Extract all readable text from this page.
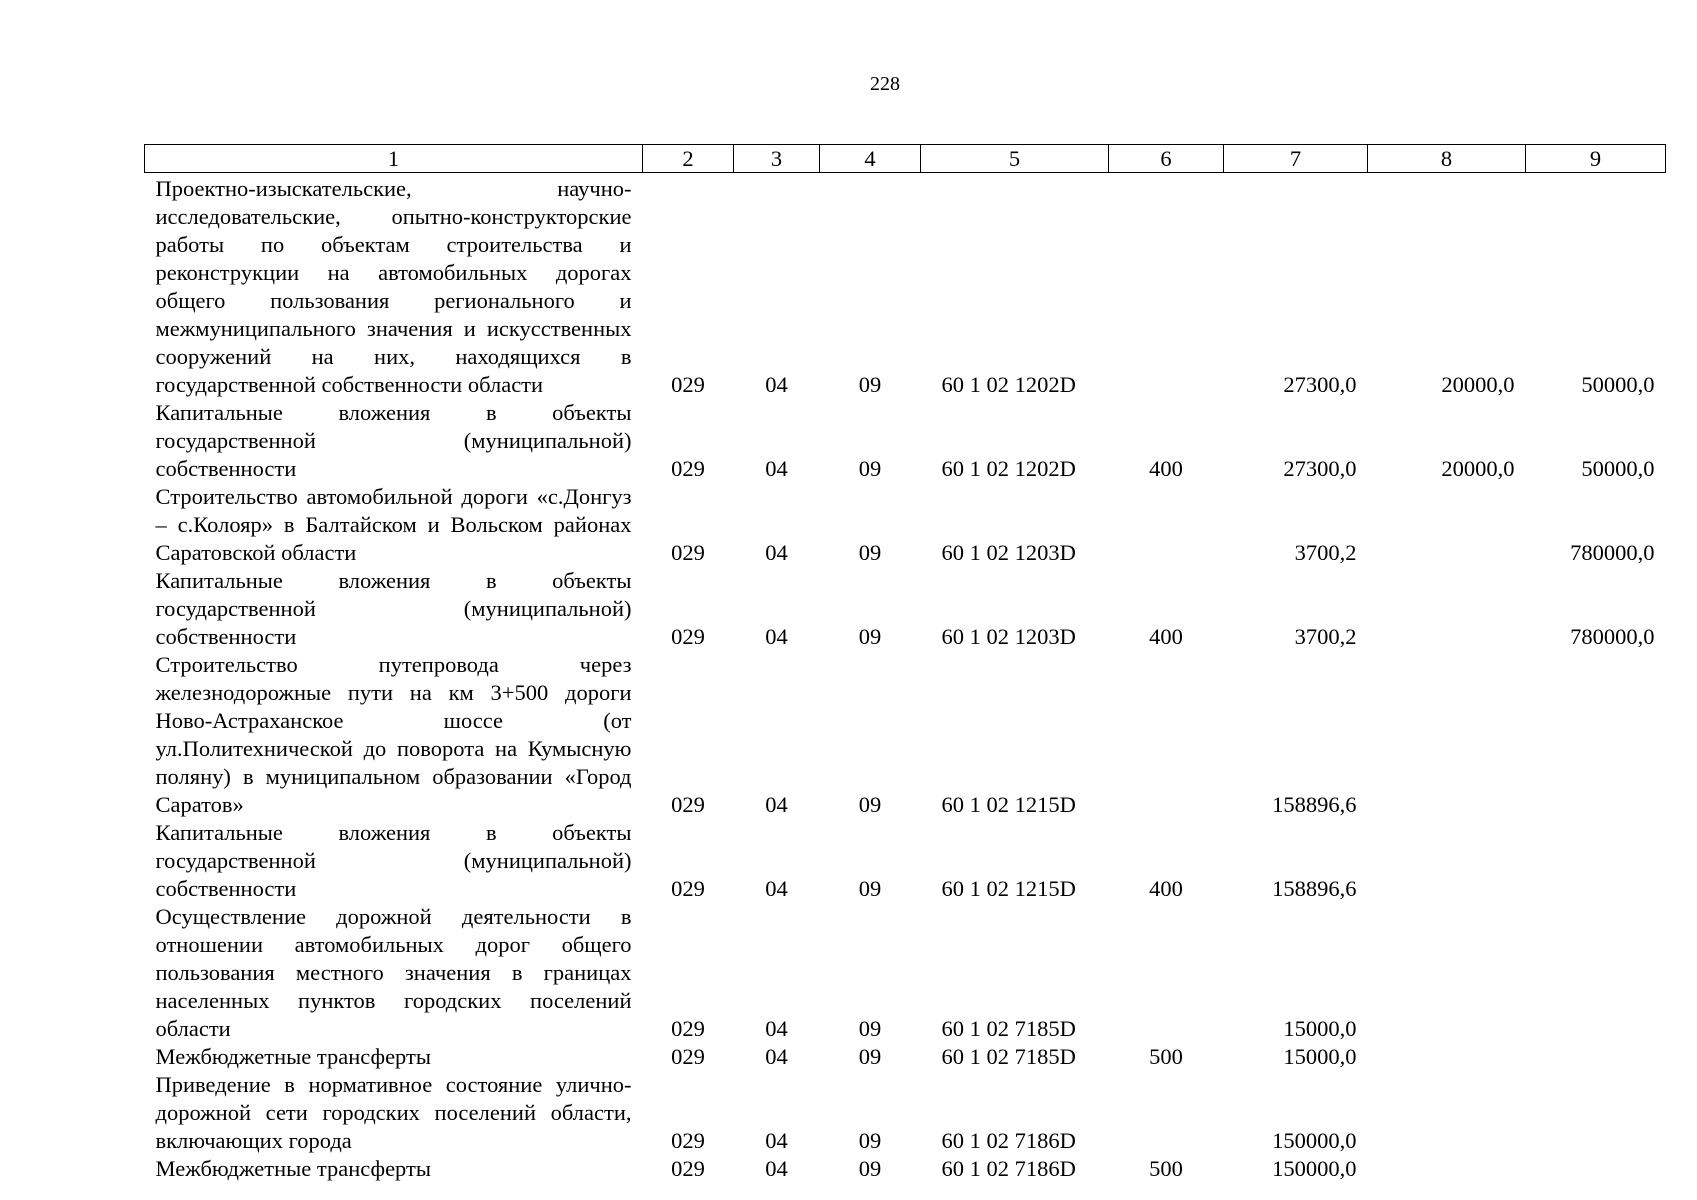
228
1	2	3	4	5	6	7	8	9
Проектно-изыскательские, научно-исследовательские, опытно-конструкторские работы по объектам строительства и реконструкции на автомобильных дорогах общего пользования регионального и межмуниципального значения и искусственных сооружений на них, находящихся в государственной собственности области	029	04	09	60 1 02 1202D		27300,0	20000,0	50000,0
Капитальные вложения в объекты государственной (муниципальной) собственности	029	04	09	60 1 02 1202D	400	27300,0	20000,0	50000,0
Строительство автомобильной дороги «с.Донгуз – с.Колояр» в Балтайском и Вольском районах Саратовской области	029	04	09	60 1 02 1203D		3700,2		780000,0
Капитальные вложения в объекты государственной (муниципальной) собственности	029	04	09	60 1 02 1203D	400	3700,2		780000,0
Строительство путепровода через железнодорожные пути на км 3+500 дороги Ново-Астраханское шоссе (от ул.Политехнической до поворота на Кумысную поляну) в муниципальном образовании «Город Саратов»	029	04	09	60 1 02 1215D		158896,6		
Капитальные вложения в объекты государственной (муниципальной) собственности	029	04	09	60 1 02 1215D	400	158896,6		
Осуществление дорожной деятельности в отношении автомобильных дорог общего пользования местного значения в границах населенных пунктов городских поселений области	029	04	09	60 1 02 7185D		15000,0		
Межбюджетные трансферты	029	04	09	60 1 02 7185D	500	15000,0		
Приведение в нормативное состояние улично-дорожной сети городских поселений области, включающих города	029	04	09	60 1 02 7186D		150000,0		
Межбюджетные трансферты	029	04	09	60 1 02 7186D	500	150000,0		
